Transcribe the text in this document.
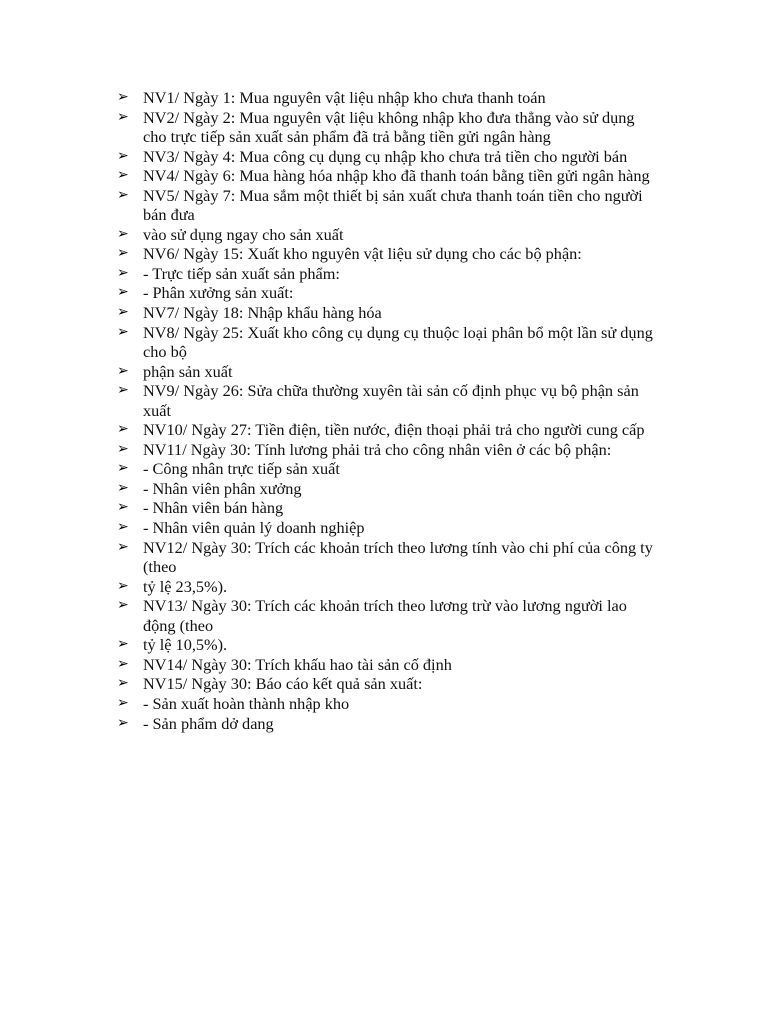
➢ NV1/ Ngày 1: Mua nguyên vật liệu nhập kho chưa thanh toán
➢ NV2/ Ngày 2: Mua nguyên vật liệu không nhập kho đưa thẳng vào sử dụng cho trực tiếp sản xuất sản phẩm đã trả bằng tiền gửi ngân hàng
➢ NV3/ Ngày 4: Mua công cụ dụng cụ nhập kho chưa trả tiền cho người bán
➢ NV4/ Ngày 6: Mua hàng hóa nhập kho đã thanh toán bằng tiền gửi ngân hàng
➢ NV5/ Ngày 7: Mua sắm một thiết bị sản xuất chưa thanh toán tiền cho người bán đưa
➢ vào sử dụng ngay cho sản xuất
➢ NV6/ Ngày 15: Xuất kho nguyên vật liệu sử dụng cho các bộ phận:
➢ - Trực tiếp sản xuất sản phẩm:
➢ - Phân xưởng sản xuất:
➢ NV7/ Ngày 18: Nhập khẩu hàng hóa
➢ NV8/ Ngày 25: Xuất kho công cụ dụng cụ thuộc loại phân bổ một lần sử dụng cho bộ
➢ phận sản xuất
➢ NV9/ Ngày 26: Sửa chữa thường xuyên tài sản cố định phục vụ bộ phận sản xuất
➢ NV10/ Ngày 27: Tiền điện, tiền nước, điện thoại phải trả cho người cung cấp
➢ NV11/ Ngày 30: Tính lương phải trả cho công nhân viên ở các bộ phận:
➢ - Công nhân trực tiếp sản xuất
➢ - Nhân viên phân xưởng
➢ - Nhân viên bán hàng
➢ - Nhân viên quản lý doanh nghiệp
➢ NV12/ Ngày 30: Trích các khoản trích theo lương tính vào chi phí của công ty (theo
➢ tỷ lệ 23,5%).
➢ NV13/ Ngày 30: Trích các khoản trích theo lương trừ vào lương người lao động (theo
➢ tỷ lệ 10,5%).
➢ NV14/ Ngày 30: Trích khấu hao tài sản cố định
➢ NV15/ Ngày 30: Báo cáo kết quả sản xuất:
➢ - Sản xuất hoàn thành nhập kho
➢ - Sản phẩm dở dang
